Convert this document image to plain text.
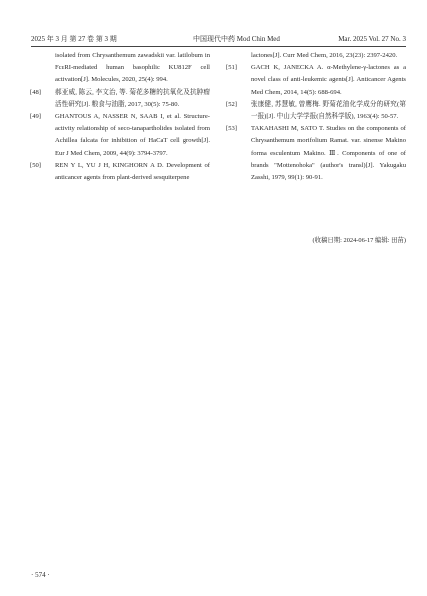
2025 年 3 月 第 27 卷 第 3 期	中国现代中药 Mod Chin Med	Mar. 2025 Vol. 27 No. 3
isolated from Chrysanthemum zawadskii var. latilobum in FcεRI-mediated human basophilic KU812F cell activation[J]. Molecules, 2020, 25(4): 994.
[48]	郝亚威, 陈云, 李文治, 等. 菊花多糖的抗氧化及抗肿瘤活性研究[J]. 粮食与油脂, 2017, 30(5): 75-80.
[49]	GHANTOUS A, NASSER N, SAAB I, et al. Structure-activity relationship of seco-tanapartholides isolated from Achillea falcata for inhibition of HaCaT cell growth[J]. Eur J Med Chem, 2009, 44(9): 3794-3797.
[50]	REN Y L, YU J H, KINGHORN A D. Development of anticancer agents from plant-derived sesquiterpene
lactones[J]. Curr Med Chem, 2016, 23(23): 2397-2420.
[51]	GACH K, JANECKA A. α-Methylene-γ-lactones as a novel class of anti-leukemic agents[J]. Anticancer Agents Med Chem, 2014, 14(5): 688-694.
[52]	张康健, 苏慧敏, 曾鹰梅. 野菊花油化学成分的研究(第一报)[J]. 中山大学学报(自然科学版), 1963(4): 50-57.
[53]	TAKAHASHI M, SATO T. Studies on the components of Chrysanthemum morifolium Ramat. var. sinense Makino forma esculentum Makino. Ⅲ. Components of one of brands "Mottenohoka" (author's transl)[J]. Yakugaku Zasshi, 1979, 99(1): 90-91.
(收稿日期: 2024-06-17 编辑: 田苗)
· 574 ·
